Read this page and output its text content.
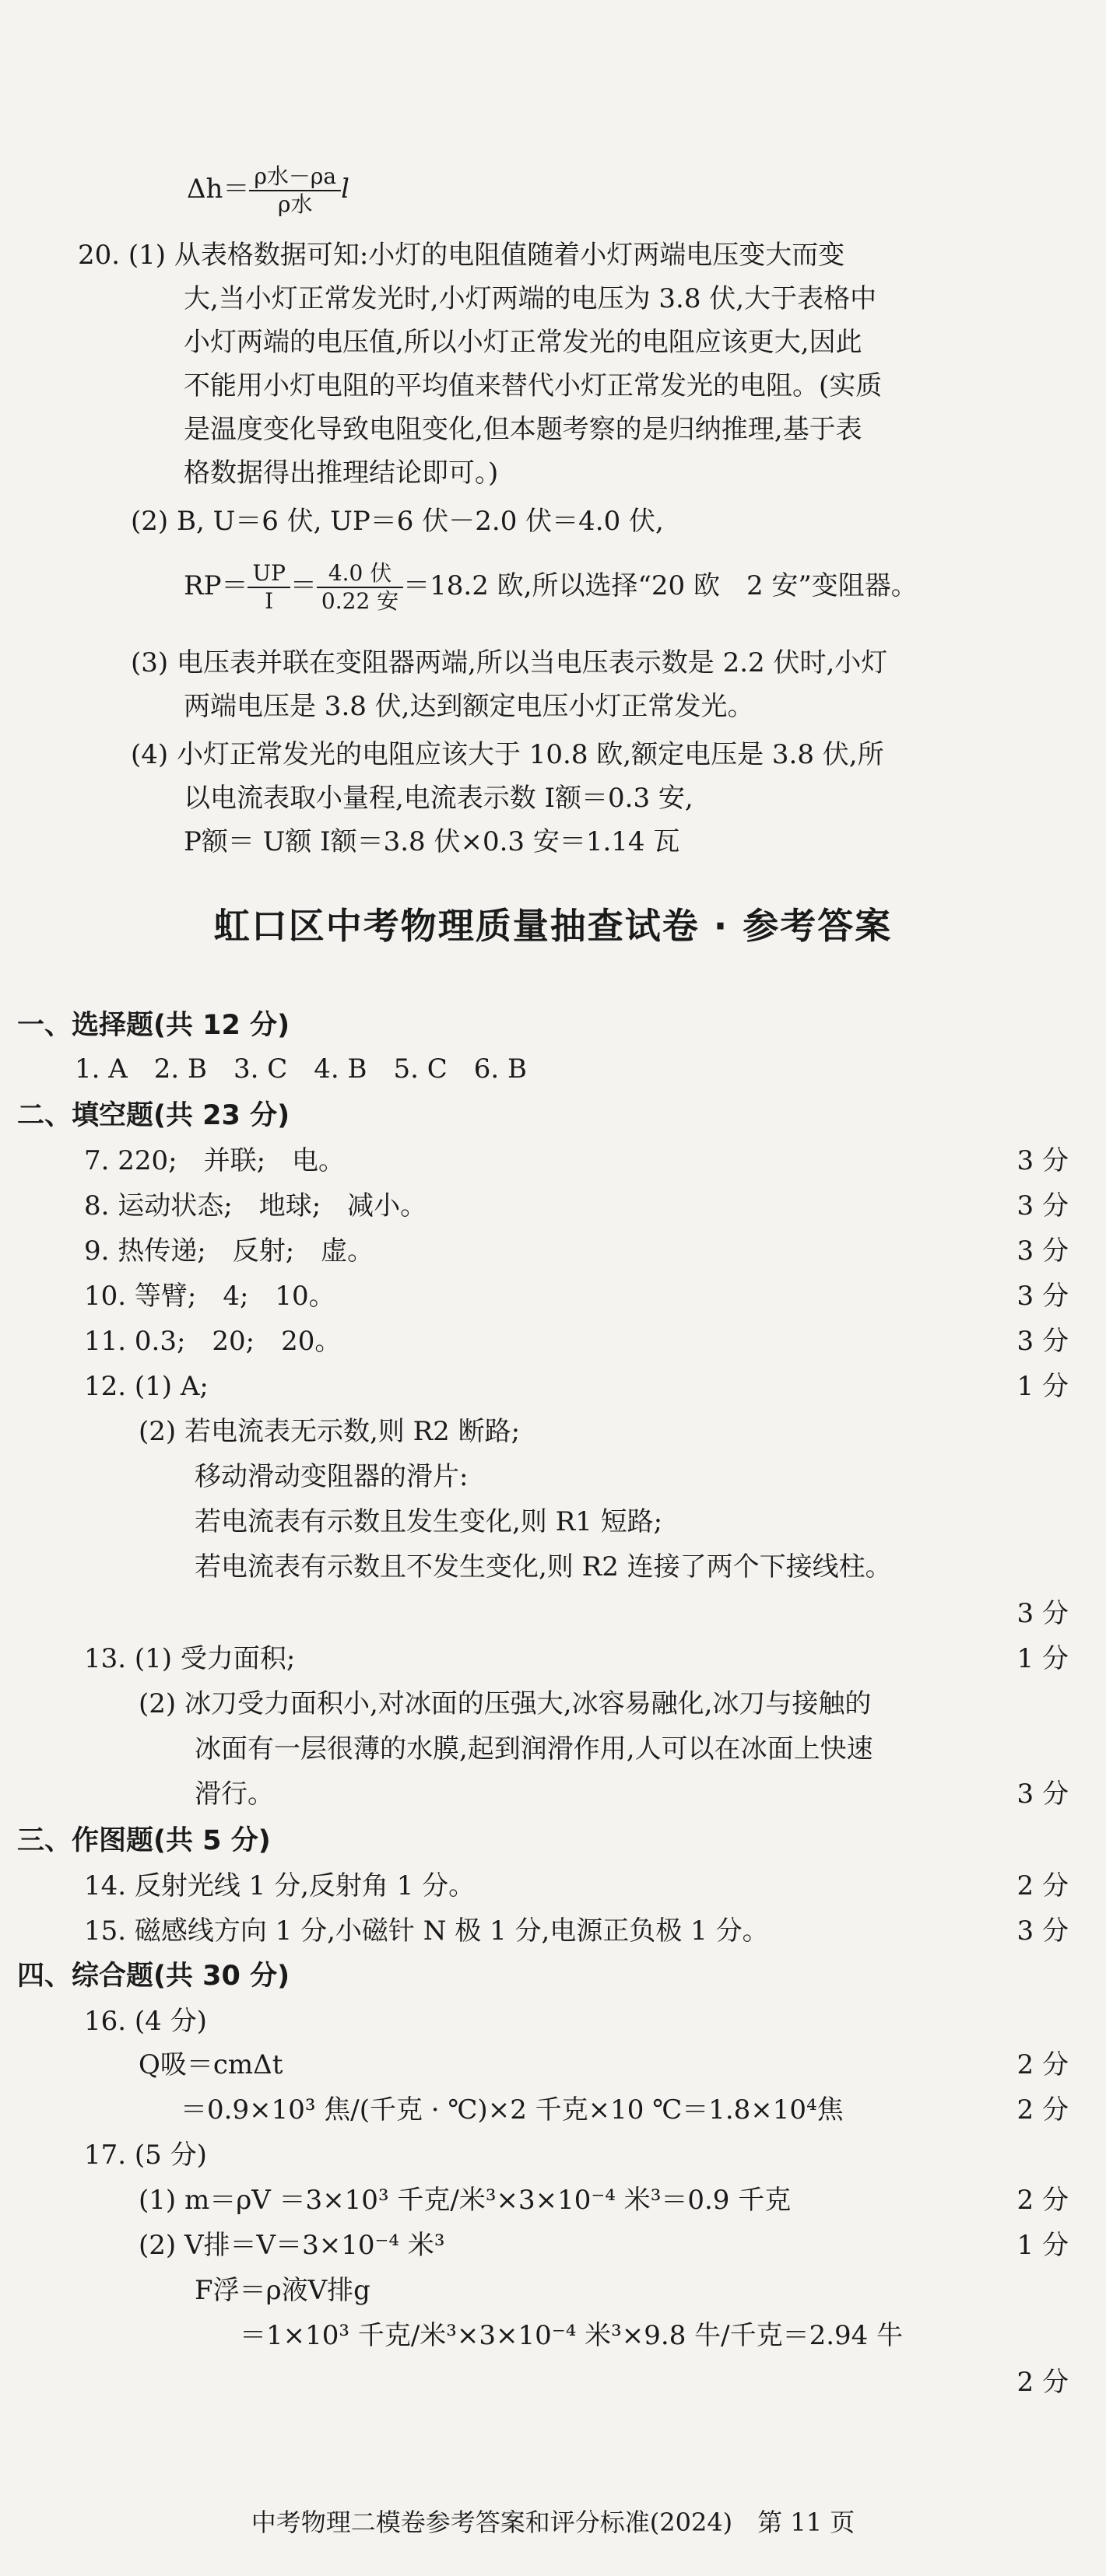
$\Delta h= \frac{\text{ρ水－ρa}}{\text{ρ水}}$ l
20. (1) 从表格数据可知:小灯的电阻值随着小灯两端电压变大而变
大,当小灯正常发光时,小灯两端的电压为 3.8 伏,大于表格中
小灯两端的电压值,所以小灯正常发光的电阻应该更大,因此
不能用小灯电阻的平均值来替代小灯正常发光的电阻。(实质
是温度变化导致电阻变化,但本题考察的是归纳推理,基于表
格数据得出推理结论即可。)
(2) B, U＝6 伏, UP＝6 伏－2.0 伏＝4.0 伏,
$RP= \frac{UP}{I} = \frac{\text{4.0 伏}}{\text{0.22 安}} =18.2$ 欧,所以选择“20 欧　2 安”变阻器。
(3) 电压表并联在变阻器两端,所以当电压表示数是 2.2 伏时,小灯
两端电压是 3.8 伏,达到额定电压小灯正常发光。
(4) 小灯正常发光的电阻应该大于 10.8 欧,额定电压是 3.8 伏,所
以电流表取小量程,电流表示数 I额＝0.3 安,
P额＝ U额 I额＝3.8 伏×0.3 安＝1.14 瓦
虹口区中考物理质量抽查试卷 · 参考答案
一、选择题(共 12 分)
1. A　2. B　3. C　4. B　5. C　6. B
二、填空题(共 23 分)
7. 220;　并联;　电。	3 分
8. 运动状态;　地球;　减小。	3 分
9. 热传递;　反射;　虚。	3 分
10. 等臂;　4;　10。	3 分
11. 0.3;　20;　20。	3 分
12. (1) A;	1 分
(2) 若电流表无示数,则 R2 断路;
移动滑动变阻器的滑片:
若电流表有示数且发生变化,则 R1 短路;
若电流表有示数且不发生变化,则 R2 连接了两个下接线柱。
3 分
13. (1) 受力面积;	1 分
(2) 冰刀受力面积小,对冰面的压强大,冰容易融化,冰刀与接触的
冰面有一层很薄的水膜,起到润滑作用,人可以在冰面上快速
滑行。	3 分
三、作图题(共 5 分)
14. 反射光线 1 分,反射角 1 分。	2 分
15. 磁感线方向 1 分,小磁针 N 极 1 分,电源正负极 1 分。	3 分
四、综合题(共 30 分)
16. (4 分)
Q吸＝cmΔt	2 分
＝0.9×10³ 焦/(千克 · ℃)×2 千克×10 ℃＝1.8×10⁴焦	2 分
17. (5 分)
(1) m＝ρV ＝3×10³ 千克/米³×3×10⁻⁴ 米³＝0.9 千克	2 分
(2) V排＝V＝3×10⁻⁴ 米³	1 分
F浮＝ρ液V排g
＝1×10³ 千克/米³×3×10⁻⁴ 米³×9.8 牛/千克＝2.94 牛
2 分
中考物理二模卷参考答案和评分标准(2024)　第 11 页
